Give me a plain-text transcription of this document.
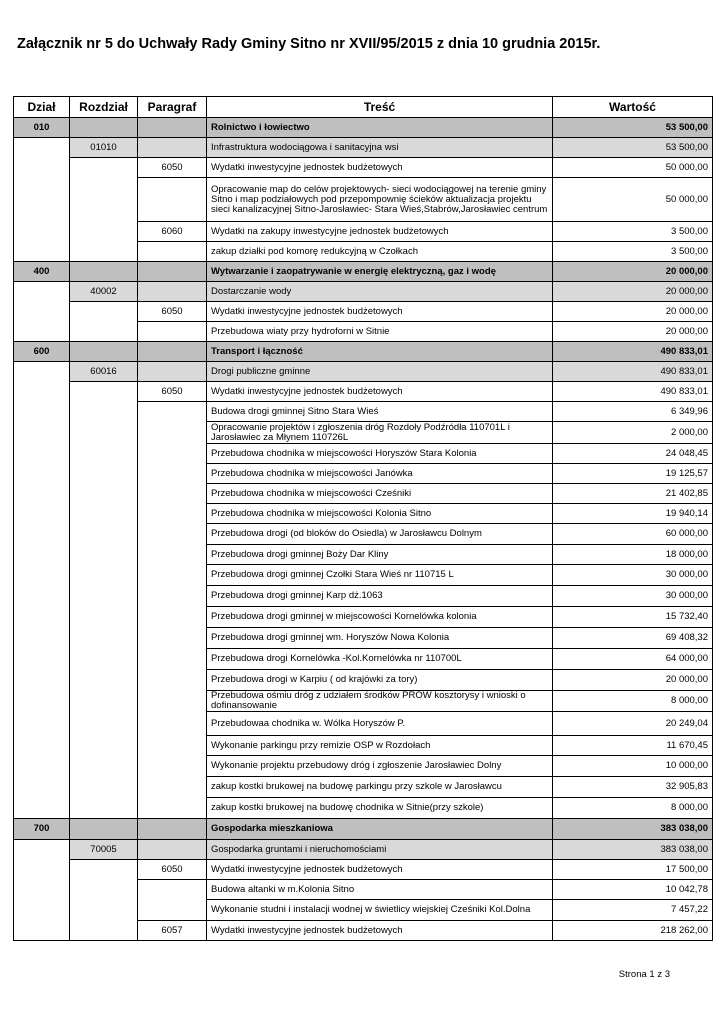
Załącznik nr 5 do Uchwały Rady Gminy Sitno nr XVII/95/2015 z dnia 10 grudnia 2015r.
Dział	Rozdział	Paragraf	Treść	Wartość
010			Rolnictwo i łowiectwo	53 500,00
	01010		Infrastruktura wodociągowa i sanitacyjna wsi	53 500,00
		6050	Wydatki inwestycyjne jednostek budżetowych	50 000,00
			Opracowanie map do celów projektowych- sieci wodociągowej na terenie gminy Sitno i map podziałowych pod przepompownię ścieków aktualizacja projektu sieci kanalizacyjnej Sitno-Jarosławiec- Stara Wieś,Stabrów,Jarosławiec centrum	50 000,00
		6060	Wydatki na zakupy inwestycyjne jednostek budżetowych	3 500,00
			zakup działki pod komorę redukcyjną w Czołkach	3 500,00
400			Wytwarzanie i zaopatrywanie w energię elektryczną, gaz i wodę	20 000,00
	40002		Dostarczanie wody	20 000,00
		6050	Wydatki inwestycyjne jednostek budżetowych	20 000,00
			Przebudowa wiaty przy hydroforni w Sitnie	20 000,00
600			Transport i łączność	490 833,01
	60016		Drogi publiczne gminne	490 833,01
		6050	Wydatki inwestycyjne jednostek budżetowych	490 833,01
			Budowa drogi gminnej Sitno Stara Wieś	6 349,96
			Opracowanie projektów i zgłoszenia dróg Rozdoły Podźródła 110701L i Jarosławiec za Młynem 110726L	2 000,00
			Przebudowa chodnika w miejscowości Horyszów Stara Kolonia	24 048,45
			Przebudowa chodnika w miejscowości Janówka	19 125,57
			Przebudowa chodnika w miejscowości Cześniki	21 402,85
			Przebudowa chodnika w miejscowości Kolonia Sitno	19 940,14
			Przebudowa drogi (od bloków do Osiedla) w Jarosławcu Dolnym	60 000,00
			Przebudowa drogi gminnej Boży Dar Kliny	18 000,00
			Przebudowa drogi gminnej Czołki Stara Wieś nr 110715 L	30 000,00
			Przebudowa drogi gminnej Karp dż.1063	30 000,00
			Przebudowa drogi gminnej w miejscowości Kornelówka kolonia	15 732,40
			Przebudowa drogi gminnej wm. Horyszów Nowa Kolonia	69 408,32
			Przebudowa drogi Kornelówka -Kol.Kornelówka nr 110700L	64 000,00
			Przebudowa drogi w Karpiu ( od krajówki za tory)	20 000,00
			Przebudowa ośmiu dróg z udziałem środków PROW kosztorysy i wnioski o dofinansowanie	8 000,00
			Przebudowaa chodnika w. Wólka Horyszów P.	20 249,04
			Wykonanie parkingu przy remizie OSP w Rozdołach	11 670,45
			Wykonanie projektu przebudowy dróg i zgłoszenie Jarosławiec Dolny	10 000,00
			zakup kostki brukowej na budowę parkingu przy szkole w Jarosławcu	32 905,83
			zakup kostki brukowej na budowę chodnika w Sitnie(przy szkole)	8 000,00
700			Gospodarka mieszkaniowa	383 038,00
	70005		Gospodarka gruntami i nieruchomościami	383 038,00
		6050	Wydatki inwestycyjne jednostek budżetowych	17 500,00
			Budowa altanki w m.Kolonia Sitno	10 042,78
			Wykonanie studni i instalacji wodnej w świetlicy wiejskiej Cześniki Kol.Dolna	7 457,22
		6057	Wydatki inwestycyjne jednostek budżetowych	218 262,00
Strona 1 z 3
